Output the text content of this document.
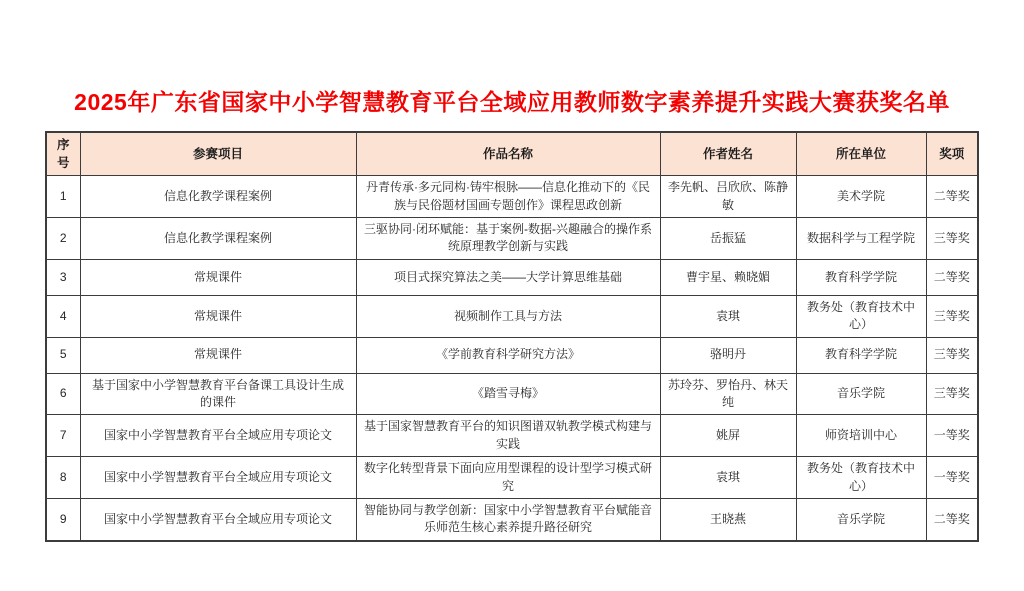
2025年广东省国家中小学智慧教育平台全域应用教师数字素养提升实践大赛获奖名单
序号	参赛项目	作品名称	作者姓名	所在单位	奖项
1	信息化教学课程案例	丹青传承·多元同构·铸牢根脉——信息化推动下的《民族与民俗题材国画专题创作》课程思政创新	李先帆、吕欣欣、陈静敏	美术学院	二等奖
2	信息化教学课程案例	三驱协同·闭环赋能：基于案例-数据-兴趣融合的操作系统原理教学创新与实践	岳振猛	数据科学与工程学院	三等奖
3	常规课件	项目式探究算法之美——大学计算思维基础	曹宇星、赖晓媚	教育科学学院	二等奖
4	常规课件	视频制作工具与方法	袁琪	教务处（教育技术中心）	三等奖
5	常规课件	《学前教育科学研究方法》	骆明丹	教育科学学院	三等奖
6	基于国家中小学智慧教育平台备课工具设计生成的课件	《踏雪寻梅》	苏玲芬、罗怡丹、林天纯	音乐学院	三等奖
7	国家中小学智慧教育平台全域应用专项论文	基于国家智慧教育平台的知识图谱双轨教学模式构建与实践	姚屏	师资培训中心	一等奖
8	国家中小学智慧教育平台全域应用专项论文	数字化转型背景下面向应用型课程的设计型学习模式研究	袁琪	教务处（教育技术中心）	一等奖
9	国家中小学智慧教育平台全域应用专项论文	智能协同与教学创新：国家中小学智慧教育平台赋能音乐师范生核心素养提升路径研究	王晓燕	音乐学院	二等奖
